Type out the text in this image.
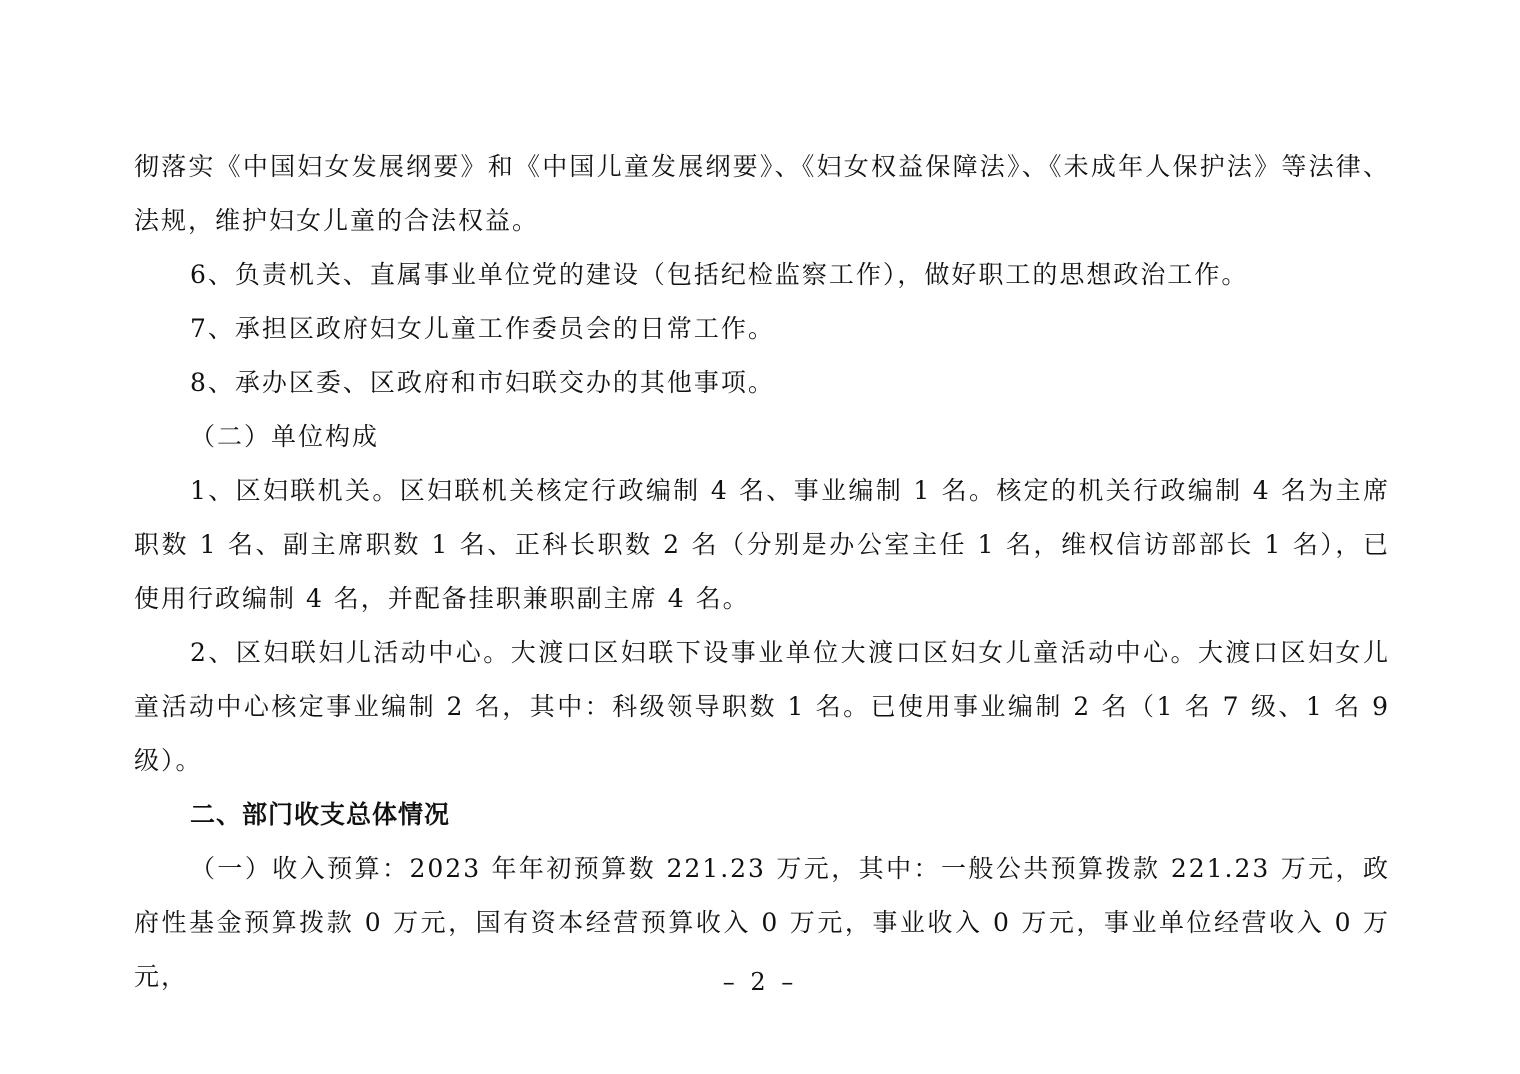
彻落实《中国妇女发展纲要》和《中国儿童发展纲要》、《妇女权益保障法》、《未成年人保护法》等法律、法规，维护妇女儿童的合法权益。

6、负责机关、直属事业单位党的建设（包括纪检监察工作），做好职工的思想政治工作。

7、承担区政府妇女儿童工作委员会的日常工作。

8、承办区委、区政府和市妇联交办的其他事项。

（二）单位构成

1、区妇联机关。区妇联机关核定行政编制 4 名、事业编制 1 名。核定的机关行政编制 4 名为主席职数 1 名、副主席职数 1 名、正科长职数 2 名（分别是办公室主任 1 名，维权信访部部长 1 名），已使用行政编制 4 名，并配备挂职兼职副主席 4 名。

2、区妇联妇儿活动中心。大渡口区妇联下设事业单位大渡口区妇女儿童活动中心。大渡口区妇女儿童活动中心核定事业编制 2 名，其中：科级领导职数 1 名。已使用事业编制 2 名（1 名 7 级、1 名 9 级）。

二、部门收支总体情况

（一）收入预算：2023 年年初预算数 221.23 万元，其中：一般公共预算拨款 221.23 万元，政府性基金预算拨款 0 万元，国有资本经营预算收入 0 万元，事业收入 0 万元，事业单位经营收入 0 万元，	– 2 –
